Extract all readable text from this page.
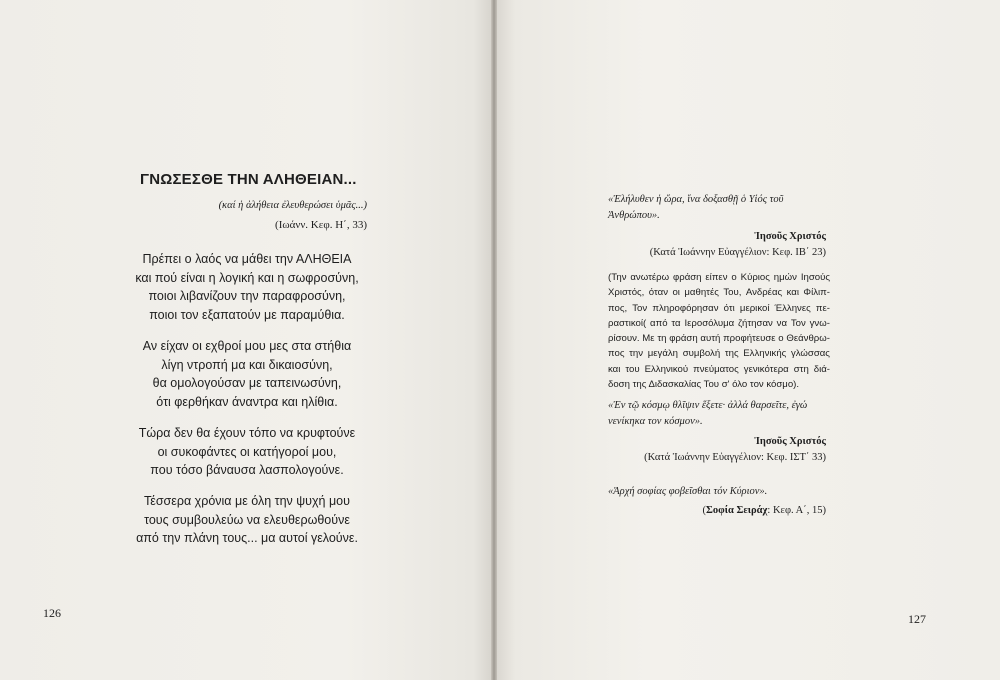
ΓΝΩΣΕΣΘΕ ΤΗΝ ΑΛΗΘΕΙΑΝ...
(καί ἡ ἀλήθεια ἐλευθερώσει ὑμᾶς...)
(Ιωάνν. Κεφ. Η΄, 33)
Πρέπει ο λαός να μάθει την ΑΛΗΘΕΙΑ
και πού είναι η λογική και η σωφροσύνη,
ποιοι λιβανίζουν την παραφροσύνη,
ποιοι τον εξαπατούν με παραμύθια.
Αν είχαν οι εχθροί μου μες στα στήθια
λίγη ντροπή μα και δικαιοσύνη,
θα ομολογούσαν με ταπεινωσύνη,
ότι φερθήκαν άναντρα και ηλίθια.
Τώρα δεν θα έχουν τόπο να κρυφτούνε
οι συκοφάντες οι κατήγοροί μου,
που τόσο βάναυσα λασπολογούνε.
Τέσσερα χρόνια με όλη την ψυχή μου
τους συμβουλεύω να ελευθερωθούνε
από την πλάνη τους... μα αυτοί γελούνε.
126
«Ἐλήλυθεν ἡ ὥρα, ἵνα δοξασθῇ ὁ Υἱός τοῦ
Ἀνθρώπου».
Ἰησοῦς Χριστός
(Κατά Ἰωάννην Εὐαγγέλιον: Κεφ. ΙΒ΄ 23)
(Την ανωτέρω φράση είπεν ο Κύριος ημών Ιησούς
Χριστός, όταν οι μαθητές Του, Ανδρέας και Φίλιπ-
πος, Τον πληροφόρησαν ότι μερικοί Έλληνες πε-
ραστικοί( από τα Ιεροσόλυμα ζήτησαν να Τον γνω-
ρίσουν. Με τη φράση αυτή προφήτευσε ο Θεάνθρω-
πος την μεγάλη συμβολή της Ελληνικής γλώσσας
και του Ελληνικού πνεύματος γενικότερα στη διά-
δοση της Διδασκαλίας Του σ' όλο τον κόσμο).
«Ἐν τῷ κόσμῳ θλῖψιν ἕξετε· ἀλλά θαρσεῖτε, ἐγώ
νενίκηκα τον κόσμον».
Ἰησοῦς Χριστός
(Κατά Ἰωάννην Εὐαγγέλιον: Κεφ. ΙΣΤ΄ 33)
«Ἀρχή σοφίας φοβεῖσθαι τόν Κύριον».
(Σοφία Σειράχ: Κεφ. Α΄, 15)
127
